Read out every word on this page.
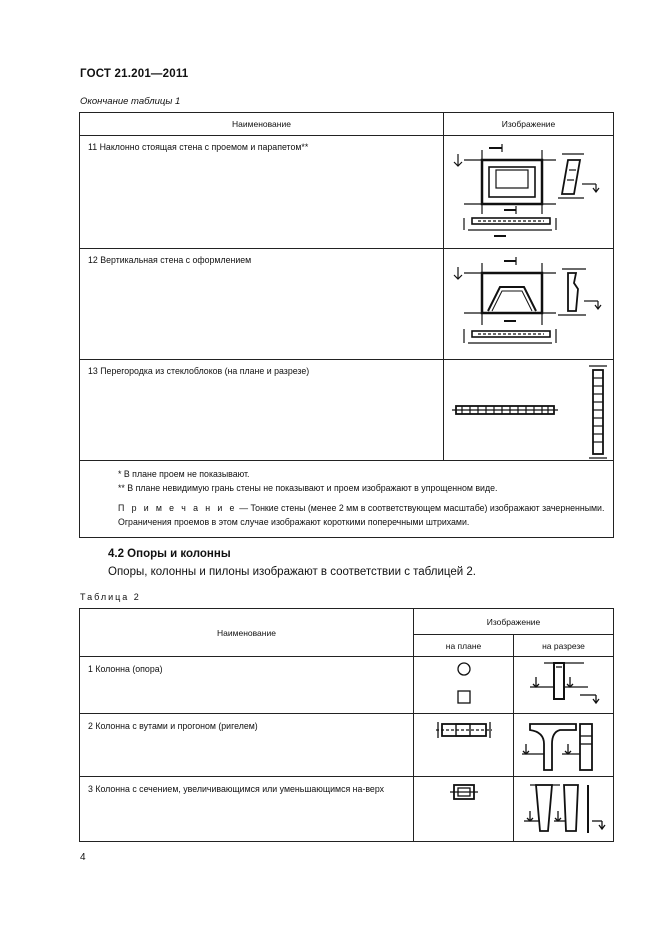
ГОСТ 21.201—2011
Окончание таблицы 1
Наименование	Изображение
11 Наклонно стоящая стена с проемом и парапетом**	

12 Вертикальная стена с оформлением	

13 Перегородка из стеклоблоков (на плане и разрезе)	

* В плане проем не показывают.

** В плане невидимую грань стены не показывают и проем изображают в упрощенном виде.

П р и м е ч а н и е — Тонкие стены (менее 2 мм в соответствующем масштабе) изображают зачерненными. Ограничения проемов в этом случае изображают короткими поперечными штрихами.	

4.2 Опоры и колонны
Опоры, колонны и пилоны изображают в соответствии с таблицей 2.
Таблица 2
Наименование	Изображение	
	на плане	на разрезе
1 Колонна (опора)	

2 Колонна с вутами и прогоном (ригелем)	

3 Колонна с сечением, увеличивающимся или уменьшающимся на-верх	

4
